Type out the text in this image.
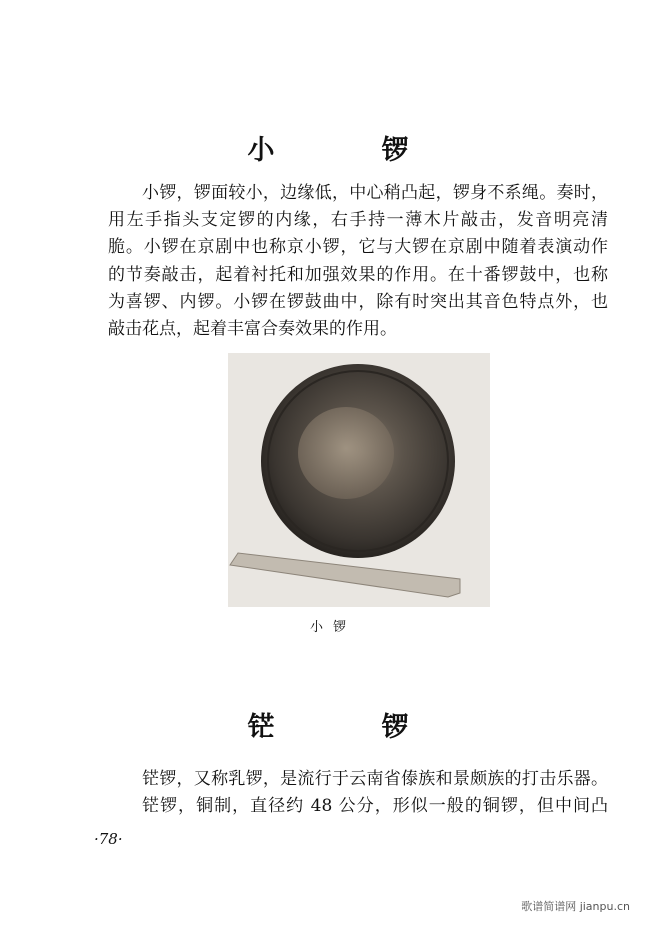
小　锣
小锣，锣面较小，边缘低，中心稍凸起，锣身不系绳。奏时，
用左手指头支定锣的内缘，右手持一薄木片敲击，发音明亮清
脆。小锣在京剧中也称京小锣，它与大锣在京剧中随着表演动作
的节奏敲击，起着衬托和加强效果的作用。在十番锣鼓中，也称
为喜锣、内锣。小锣在锣鼓曲中，除有时突出其音色特点外，也
敲击花点，起着丰富合奏效果的作用。
小锣
铓　锣
铓锣，又称乳锣，是流行于云南省傣族和景颇族的打击乐器。
铓锣，铜制，直径约 48 公分，形似一般的铜锣，但中间凸
·78·
歌谱简谱网 jianpu.cn
